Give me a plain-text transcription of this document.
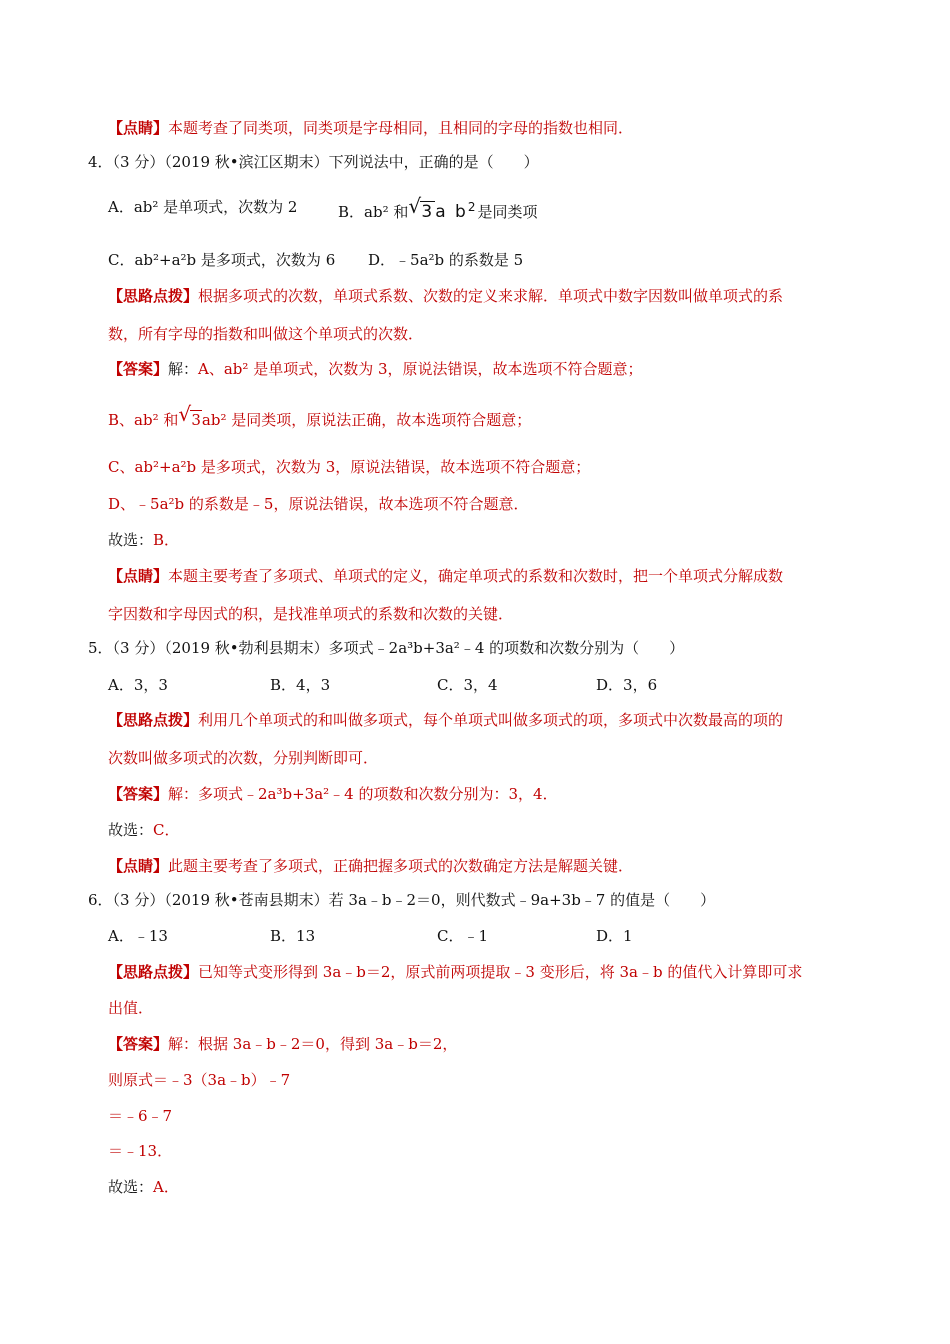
【点睛】本题考查了同类项，同类项是字母相同，且相同的字母的指数也相同．
4．（3 分）（2019 秋•滨江区期末）下列说法中，正确的是（　　）
A．ab² 是单项式，次数为 2	B．ab² 和 √ 3a $b^2$是同类项
C．ab²+a²b 是多项式，次数为 6 D．﹣5a²b 的系数是 5
【思路点拨】根据多项式的次数，单项式系数、次数的定义来求解．单项式中数字因数叫做单项式的系
数，所有字母的指数和叫做这个单项式的次数．
【答案】解：A、ab² 是单项式，次数为 3，原说法错误，故本选项不符合题意；
B、ab² 和 √ 3ab² 是同类项，原说法正确，故本选项符合题意；
C、ab²+a²b 是多项式，次数为 3，原说法错误，故本选项不符合题意；
D、﹣5a²b 的系数是﹣5，原说法错误，故本选项不符合题意．
故选：B．
【点睛】本题主要考查了多项式、单项式的定义，确定单项式的系数和次数时，把一个单项式分解成数
字因数和字母因式的积，是找准单项式的系数和次数的关键．
5．（3 分）（2019 秋•勃利县期末）多项式﹣2a³b+3a²﹣4 的项数和次数分别为（　　）
A．3，3	B．4，3	C．3，4	D．3，6
【思路点拨】利用几个单项式的和叫做多项式，每个单项式叫做多项式的项，多项式中次数最高的项的
次数叫做多项式的次数，分别判断即可．
【答案】解：多项式﹣2a³b+3a²﹣4 的项数和次数分别为：3，4．
故选：C．
【点睛】此题主要考查了多项式，正确把握多项式的次数确定方法是解题关键．
6．（3 分）（2019 秋•苍南县期末）若 3a﹣b﹣2＝0，则代数式﹣9a+3b﹣7 的值是（　　）
A．﹣13	B．13	C．﹣1	D．1
【思路点拨】已知等式变形得到 3a﹣b＝2，原式前两项提取﹣3 变形后，将 3a﹣b 的值代入计算即可求
出值．
【答案】解：根据 3a﹣b﹣2＝0，得到 3a﹣b＝2，
则原式＝﹣3（3a﹣b）﹣7
＝﹣6﹣7
＝﹣13．
故选：A．
